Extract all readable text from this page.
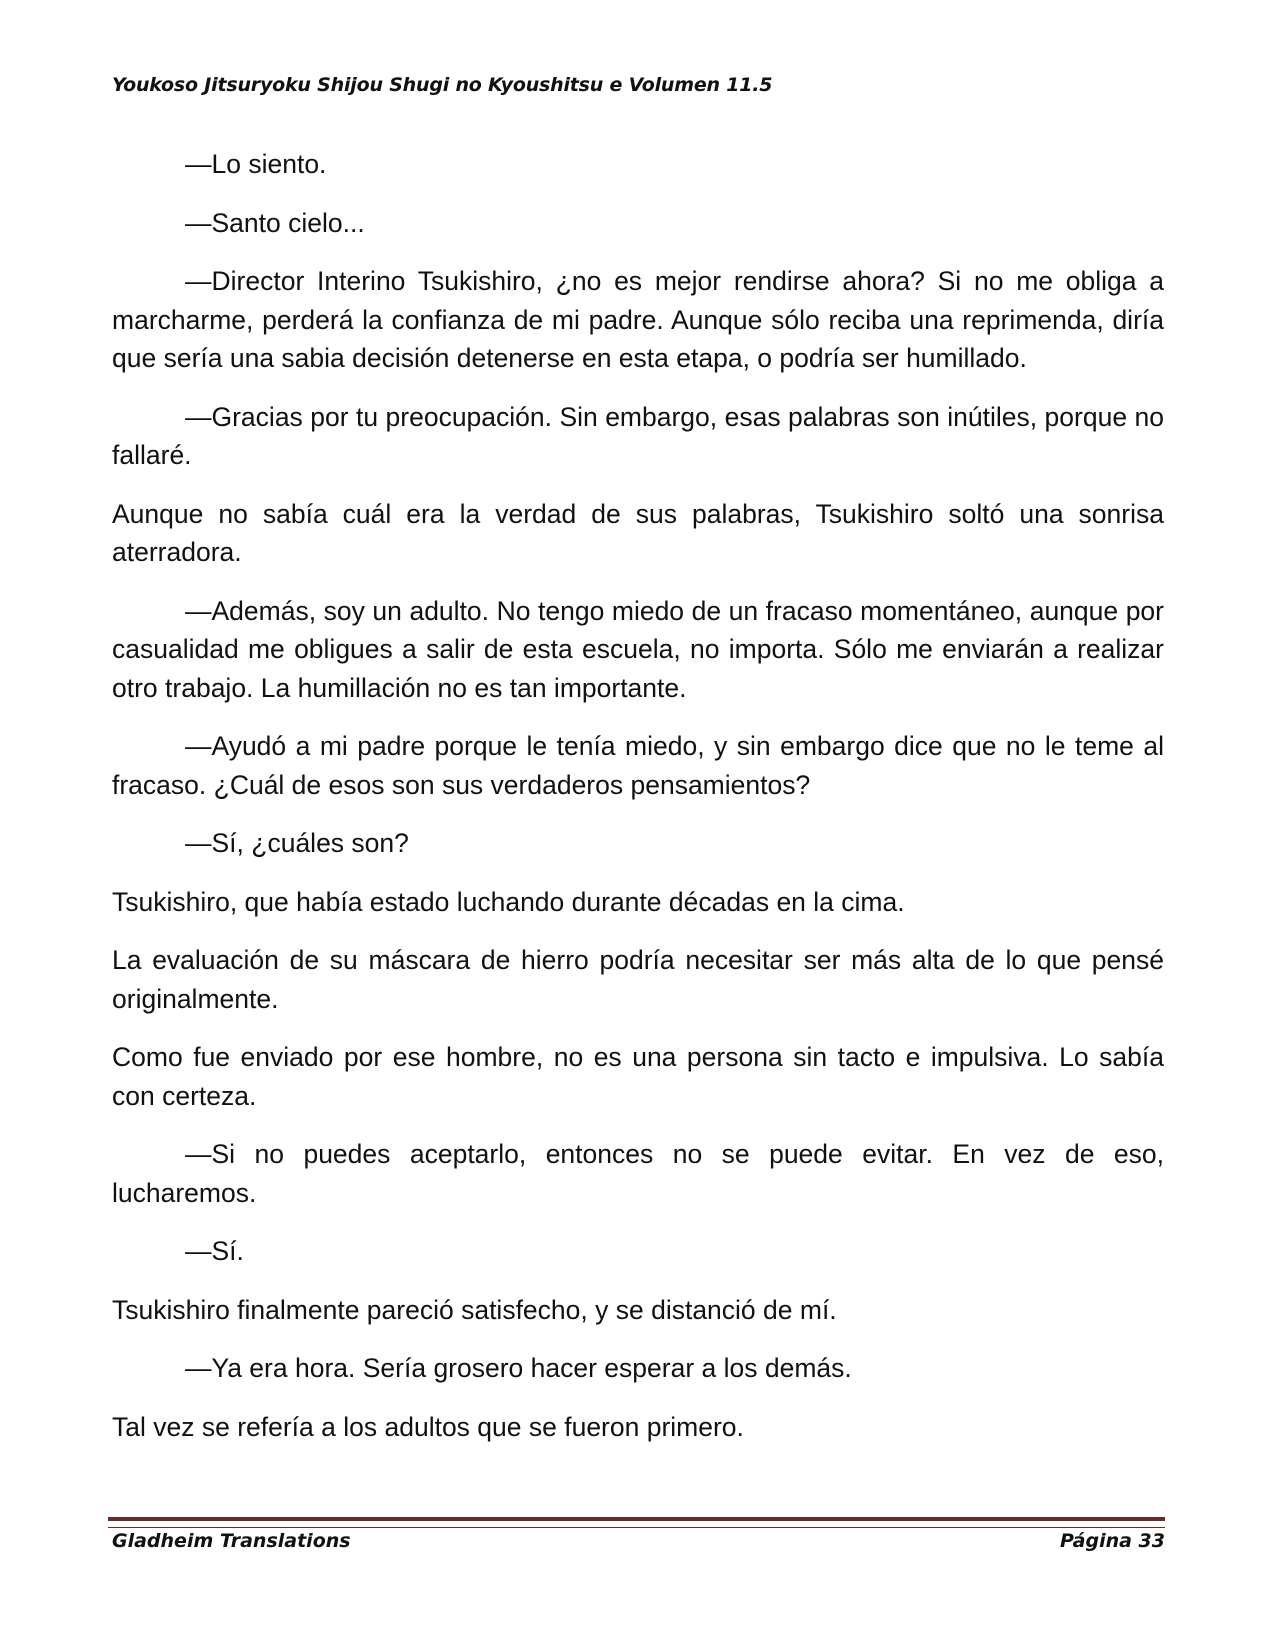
Youkoso Jitsuryoku Shijou Shugi no Kyoushitsu e Volumen 11.5

—Lo siento.

—Santo cielo...

—Director Interino Tsukishiro, ¿no es mejor rendirse ahora? Si no me obliga a marcharme, perderá la confianza de mi padre. Aunque sólo reciba una reprimenda, diría que sería una sabia decisión detenerse en esta etapa, o podría ser humillado.

—Gracias por tu preocupación. Sin embargo, esas palabras son inútiles, porque no fallaré.

Aunque no sabía cuál era la verdad de sus palabras, Tsukishiro soltó una sonrisa aterradora.

—Además, soy un adulto. No tengo miedo de un fracaso momentáneo, aunque por casualidad me obligues a salir de esta escuela, no importa. Sólo me enviarán a realizar otro trabajo. La humillación no es tan importante.

—Ayudó a mi padre porque le tenía miedo, y sin embargo dice que no le teme al fracaso. ¿Cuál de esos son sus verdaderos pensamientos?

—Sí, ¿cuáles son?

Tsukishiro, que había estado luchando durante décadas en la cima.

La evaluación de su máscara de hierro podría necesitar ser más alta de lo que pensé originalmente.

Como fue enviado por ese hombre, no es una persona sin tacto e impulsiva. Lo sabía con certeza.

—Si no puedes aceptarlo, entonces no se puede evitar. En vez de eso, lucharemos.

—Sí.

Tsukishiro finalmente pareció satisfecho, y se distanció de mí.

—Ya era hora. Sería grosero hacer esperar a los demás.

Tal vez se refería a los adultos que se fueron primero.

Gladheim Translations	Página 33
